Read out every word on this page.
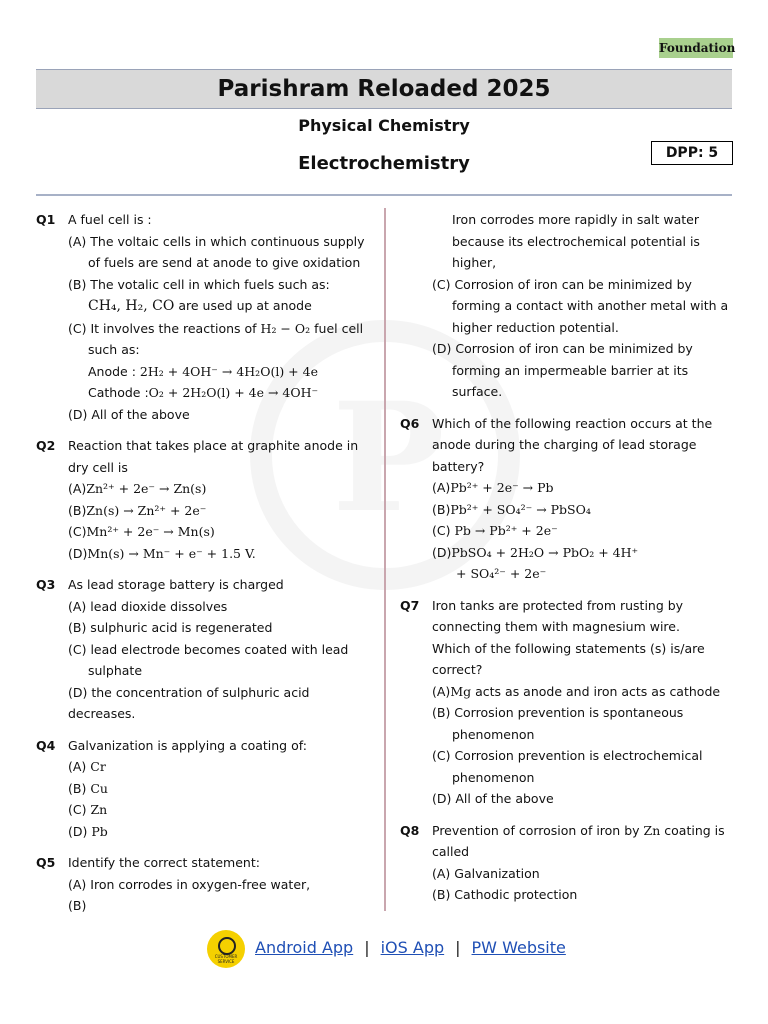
Foundation
Parishram Reloaded 2025
Physical Chemistry
Electrochemistry	DPP: 5
Q1	A fuel cell is :
(A) The voltaic cells in which continuous supply
of fuels are send at anode to give oxidation
(B) The votalic cell in which fuels such as:
CH₄, H₂, CO are used up at anode
(C) It involves the reactions of H₂ − O₂ fuel cell
such as:
Anode : 2H₂ + 4OH⁻ → 4H₂O(l) + 4e
Cathode :O₂ + 2H₂O(l) + 4e → 4OH⁻
(D) All of the above
Q2	Reaction that takes place at graphite anode in
dry cell is
(A)Zn²⁺ + 2e⁻ → Zn(s)
(B)Zn(s) → Zn²⁺ + 2e⁻
(C)Mn²⁺ + 2e⁻ → Mn(s)
(D)Mn(s) → Mn⁻ + e⁻ + 1.5 V.
Q3	As lead storage battery is charged
(A) lead dioxide dissolves
(B) sulphuric acid is regenerated
(C) lead electrode becomes coated with lead
sulphate
(D) the concentration of sulphuric acid decreases.
Q4	Galvanization is applying a coating of:
(A) Cr
(B) Cu
(C) Zn
(D) Pb
Q5	Identify the correct statement:
(A) Iron corrodes in oxygen-free water,
(B)
Iron corrodes more rapidly in salt water
because its electrochemical potential is
higher,
(C) Corrosion of iron can be minimized by
forming a contact with another metal with a
higher reduction potential.
(D) Corrosion of iron can be minimized by
forming an impermeable barrier at its surface.
Q6	Which of the following reaction occurs at the
anode during the charging of lead storage
battery?
(A)Pb²⁺ + 2e⁻ → Pb
(B)Pb²⁺ + SO₄²⁻ → PbSO₄
(C) Pb → Pb²⁺ + 2e⁻
(D)PbSO₄ + 2H₂O → PbO₂ + 4H⁺
+ SO₄²⁻ + 2e⁻
Q7	Iron tanks are protected from rusting by
connecting them with magnesium wire.
Which of the following statements (s) is/are
correct?
(A)Mg acts as anode and iron acts as cathode
(B) Corrosion prevention is spontaneous
phenomenon
(C) Corrosion prevention is electrochemical
phenomenon
(D) All of the above
Q8	Prevention of corrosion of iron by Zn coating is
called
(A) Galvanization
(B) Cathodic protection
CUSTOMER SERVICE
Android App | iOS App | PW Website
